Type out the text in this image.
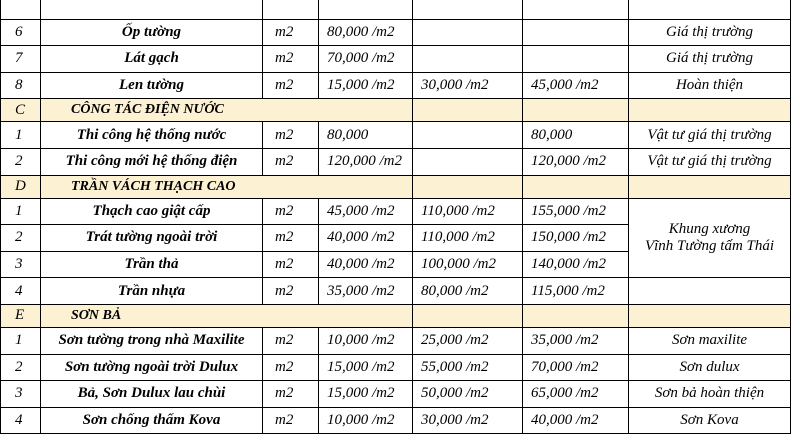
6	Ốp tường	m2	80,000 /m2			Giá thị trường
7	Lát gạch	m2	70,000 /m2			Giá thị trường
8	Len tường	m2	15,000 /m2	30,000 /m2	45,000 /m2	Hoàn thiện
C	CÔNG TÁC ĐIỆN NƯỚC					
1	Thi công hệ thống nước	m2	80,000		80,000	Vật tư giá thị trường
2	Thi công mới hệ thống điện	m2	120,000 /m2		120,000 /m2	Vật tư giá thị trường
D	TRẦN VÁCH THẠCH CAO					
1	Thạch cao giật cấp	m2	45,000 /m2	110,000 /m2	155,000 /m2	Khung xương
Vĩnh Tường tấm Thái

2	Trát tường ngoài trời	m2	40,000 /m2	110,000 /m2	150,000 /m2	
3	Trần thả	m2	40,000 /m2	100,000 /m2	140,000 /m2	
4	Trần nhựa	m2	35,000 /m2	80,000 /m2	115,000 /m2	
E	SƠN BẢ					
1	Sơn tường trong nhà Maxilite	m2	10,000 /m2	25,000 /m2	35,000 /m2	Sơn maxilite
2	Sơn tường ngoài trời Dulux	m2	15,000 /m2	55,000 /m2	70,000 /m2	Sơn dulux
3	Bả, Sơn Dulux lau chùi	m2	15,000 /m2	50,000 /m2	65,000 /m2	Sơn bả hoàn thiện
4	Sơn chống thấm Kova	m2	10,000 /m2	30,000 /m2	40,000 /m2	Sơn Kova
